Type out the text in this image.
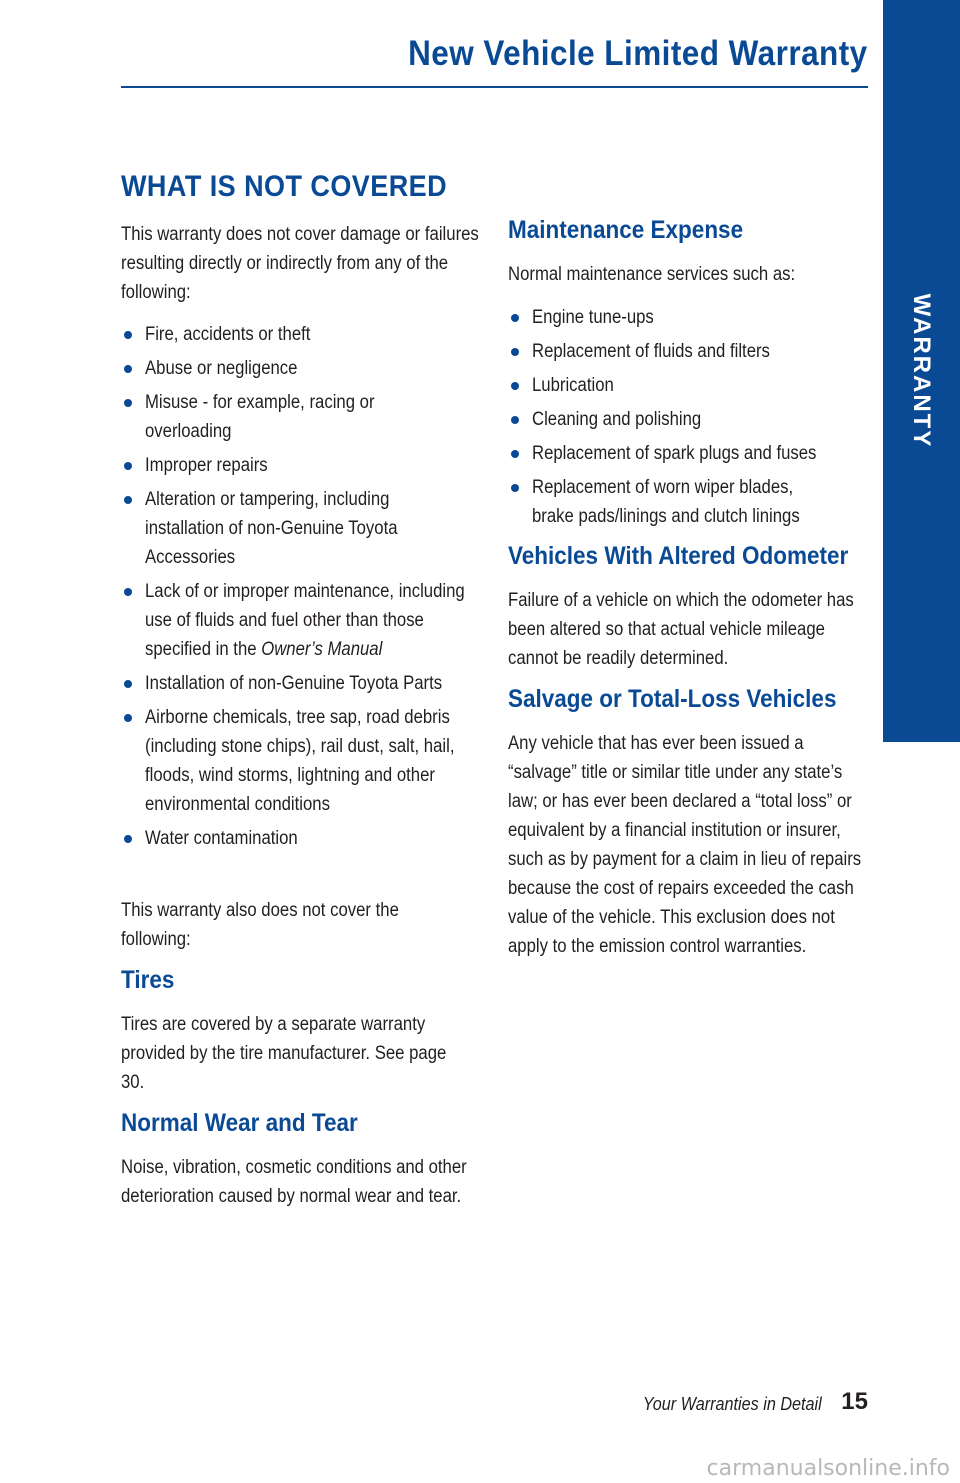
WARRANTY
New Vehicle Limited Warranty
WHAT IS NOT COVERED

This warranty does not cover damage or failures resulting directly or indirectly from any of the following:

Fire, accidents or theft
Abuse or negligence
Misuse - for example, racing or overloading
Improper repairs
Alteration or tampering, including installation of non-Genuine Toyota Accessories
Lack of or improper maintenance, including use of fluids and fuel other than those specified in the Owner’s Manual
Installation of non-Genuine Toyota Parts
Airborne chemicals, tree sap, road debris (including stone chips), rail dust, salt, hail, floods, wind storms, lightning and other environmental conditions
Water contamination

This warranty also does not cover the following:

Tires

Tires are covered by a separate warranty provided by the tire manufacturer. See page 30.

Normal Wear and Tear

Noise, vibration, cosmetic conditions and other deterioration caused by normal wear and tear.

Maintenance Expense

Normal maintenance services such as:

Engine tune-ups
Replacement of fluids and filters
Lubrication
Cleaning and polishing
Replacement of spark plugs and fuses
Replacement of worn wiper blades, brake pads/linings and clutch linings
Vehicles With Altered Odometer

Failure of a vehicle on which the odometer has been altered so that actual vehicle mileage cannot be readily determined.

Salvage or Total-Loss Vehicles

Any vehicle that has ever been issued a “salvage” title or similar title under any state’s law; or has ever been declared a “total loss” or equivalent by a financial institution or insurer, such as by payment for a claim in lieu of repairs because the cost of repairs exceeded the cash value of the vehicle. This exclusion does not apply to the emission control warranties.

Your Warranties in Detail 15
carmanualsonline.info
